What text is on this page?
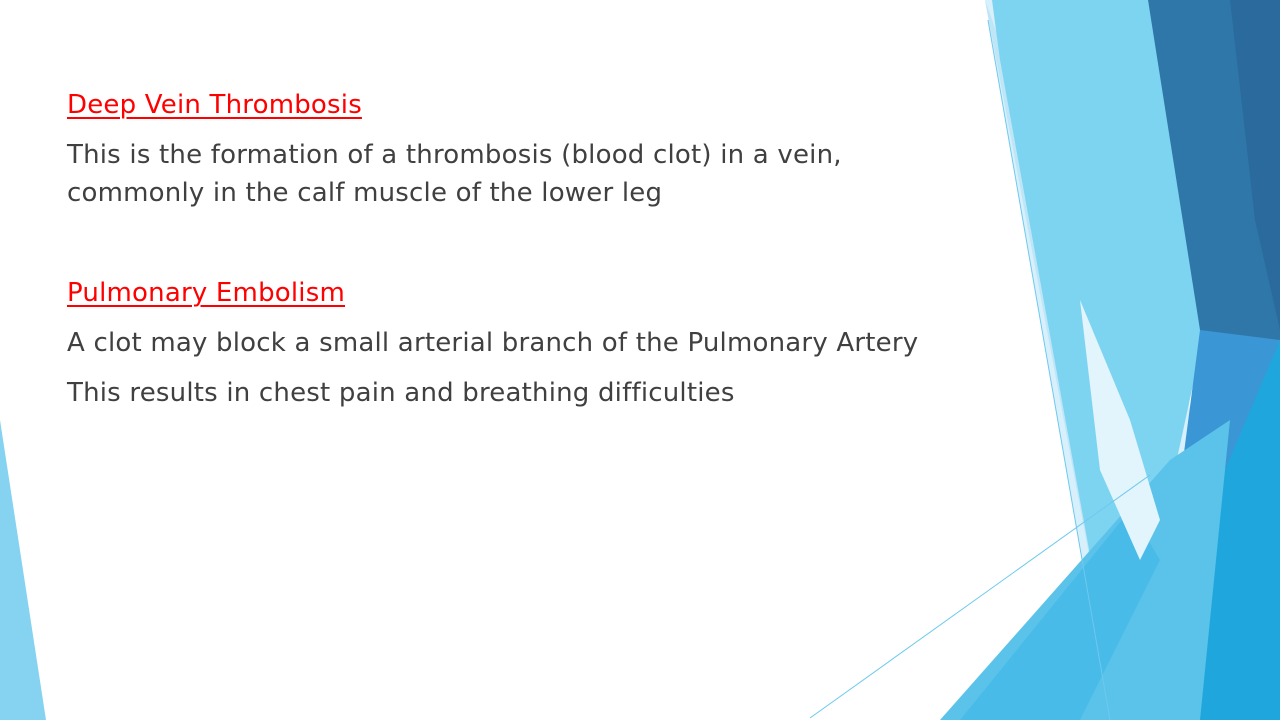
Deep Vein Thrombosis

This is the formation of a thrombosis (blood clot) in a vein, commonly in the calf muscle of the lower leg

Pulmonary Embolism

A clot may block a small arterial branch of the Pulmonary Artery

This results in chest pain and breathing difficulties
